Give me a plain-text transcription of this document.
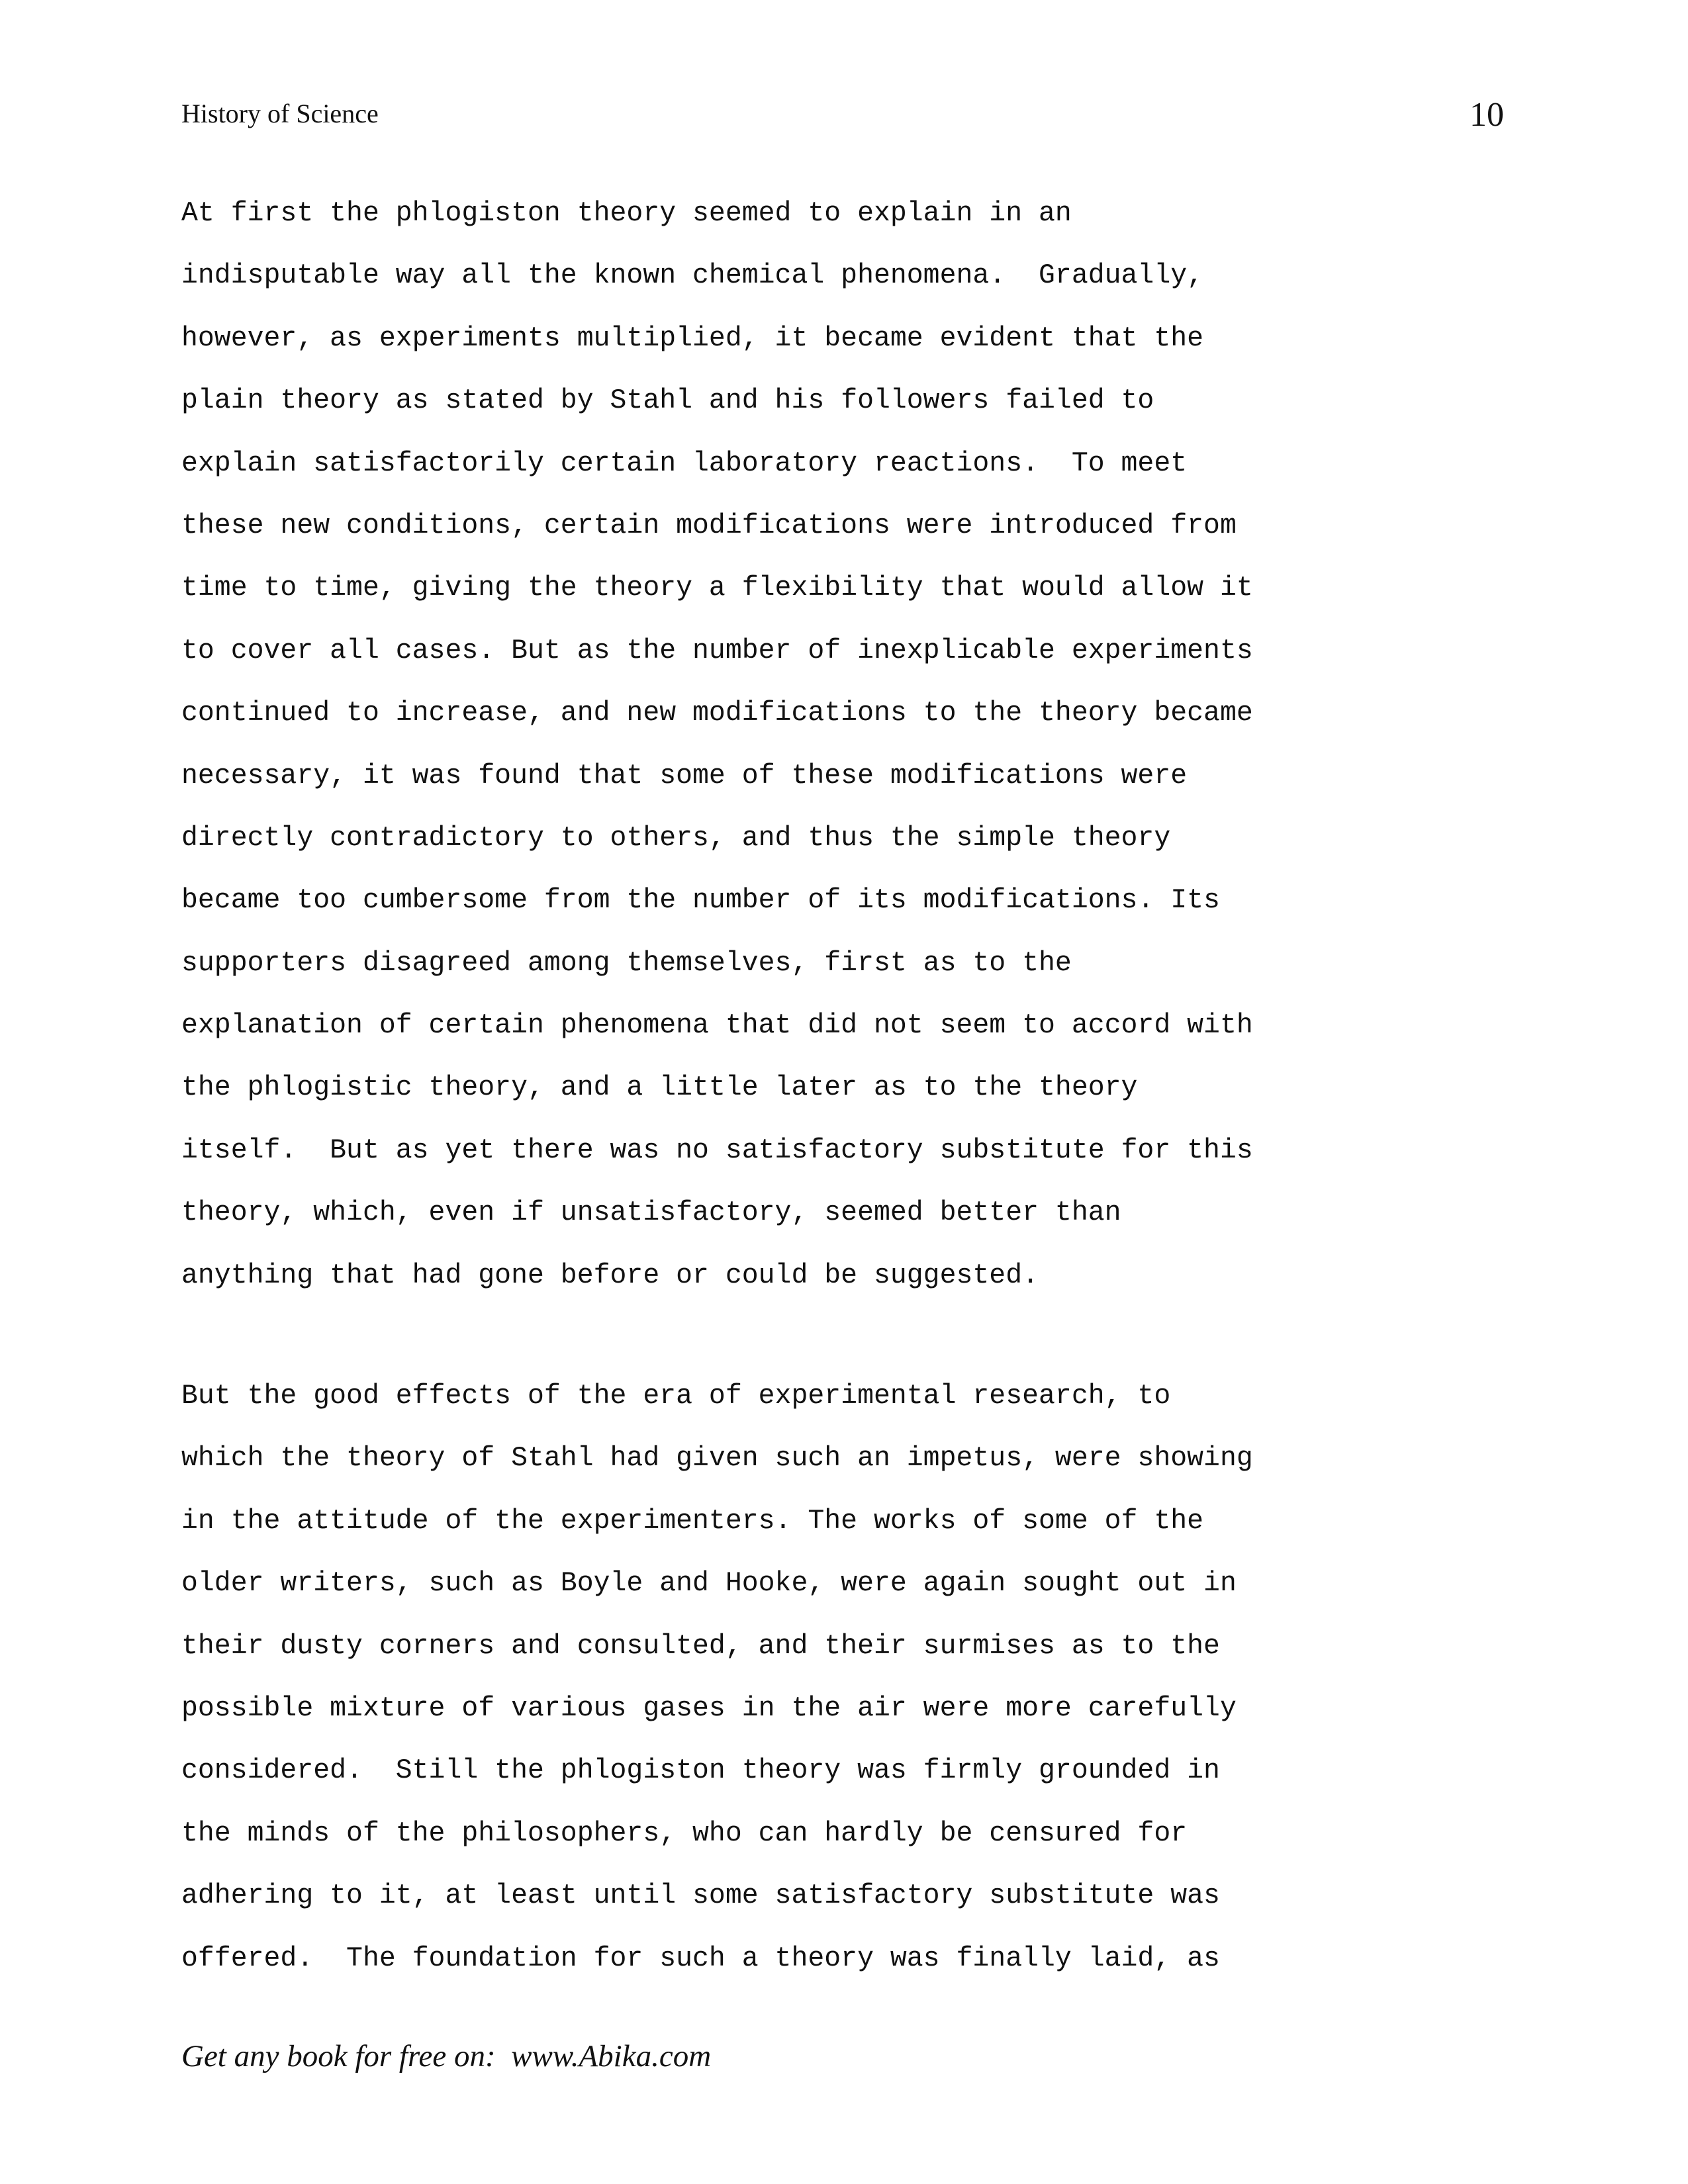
History of Science	10
At first the phlogiston theory seemed to explain in an
indisputable way all the known chemical phenomena.  Gradually,
however, as experiments multiplied, it became evident that the
plain theory as stated by Stahl and his followers failed to
explain satisfactorily certain laboratory reactions.  To meet
these new conditions, certain modifications were introduced from
time to time, giving the theory a flexibility that would allow it
to cover all cases. But as the number of inexplicable experiments
continued to increase, and new modifications to the theory became
necessary, it was found that some of these modifications were
directly contradictory to others, and thus the simple theory
became too cumbersome from the number of its modifications. Its
supporters disagreed among themselves, first as to the
explanation of certain phenomena that did not seem to accord with
the phlogistic theory, and a little later as to the theory
itself.  But as yet there was no satisfactory substitute for this
theory, which, even if unsatisfactory, seemed better than
anything that had gone before or could be suggested.
But the good effects of the era of experimental research, to
which the theory of Stahl had given such an impetus, were showing
in the attitude of the experimenters. The works of some of the
older writers, such as Boyle and Hooke, were again sought out in
their dusty corners and consulted, and their surmises as to the
possible mixture of various gases in the air were more carefully
considered.  Still the phlogiston theory was firmly grounded in
the minds of the philosophers, who can hardly be censured for
adhering to it, at least until some satisfactory substitute was
offered.  The foundation for such a theory was finally laid, as
Get any book for free on:  www.Abika.com
